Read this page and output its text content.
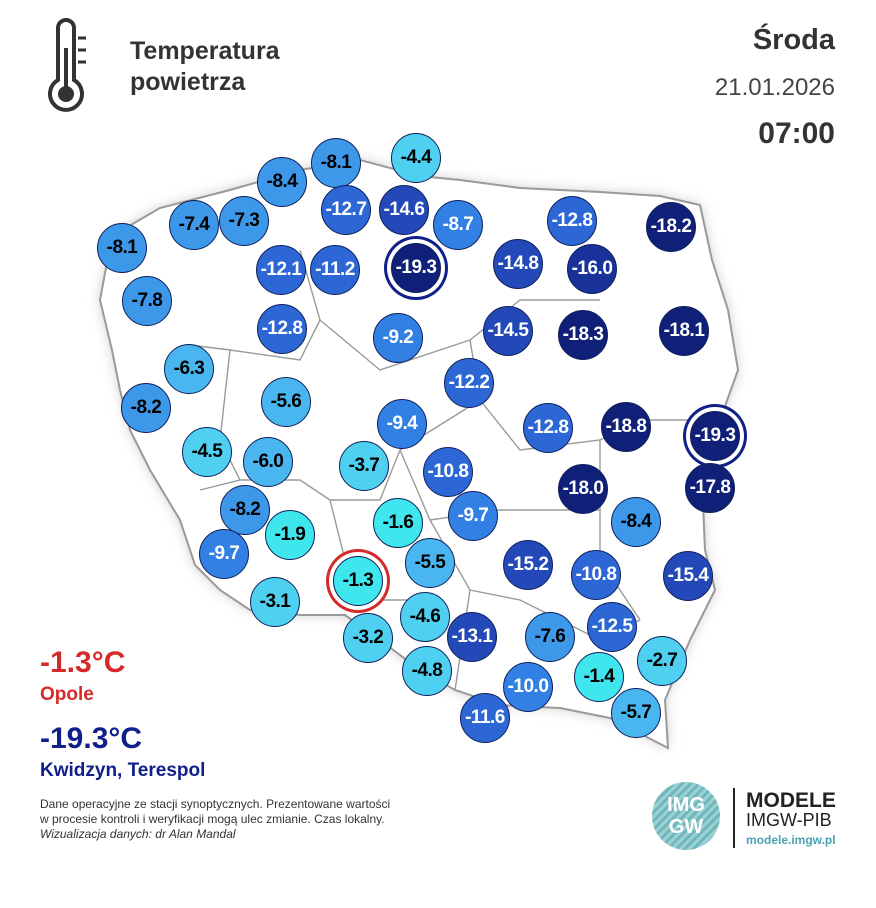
Temperatura
powietrza
Środa
21.01.2026
07:00
-4.4
-8.1
-8.4
-12.7 -14.6
-7.4	-7.3	-8.7	-12.8	-18.2
-8.1
-12.1 -11.2 -19.3	-14.8 -16.0
-7.8
-12.8	-9.2	-14.5 -18.3	-18.1
-6.3
-12.2
-8.2	-5.6
-9.4	-12.8 -18.8	-19.3
-4.5	-6.0	-3.7	-10.8
-18.0	-17.8
-8.2
-1.9
-1.6	-9.7	-8.4
-9.7	-5.5	-15.2 -10.8	-15.4
-1.3
-3.1
-4.6
-3.2	-13.1	-7.6	-12.5
-2.7
-4.8	-1.4
-10.0
-5.7
-11.6
-1.3°C
Opole
-19.3°C
Kwidzyn, Terespol
Dane operacyjne ze stacji synoptycznych. Prezentowane wartości
w procesie kontroli i weryfikacji mogą ulec zmianie. Czas lokalny.
Wizualizacja danych: dr Alan Mandal
IMG
GW
MODELE
IMGW-PIB
modele.imgw.pl
